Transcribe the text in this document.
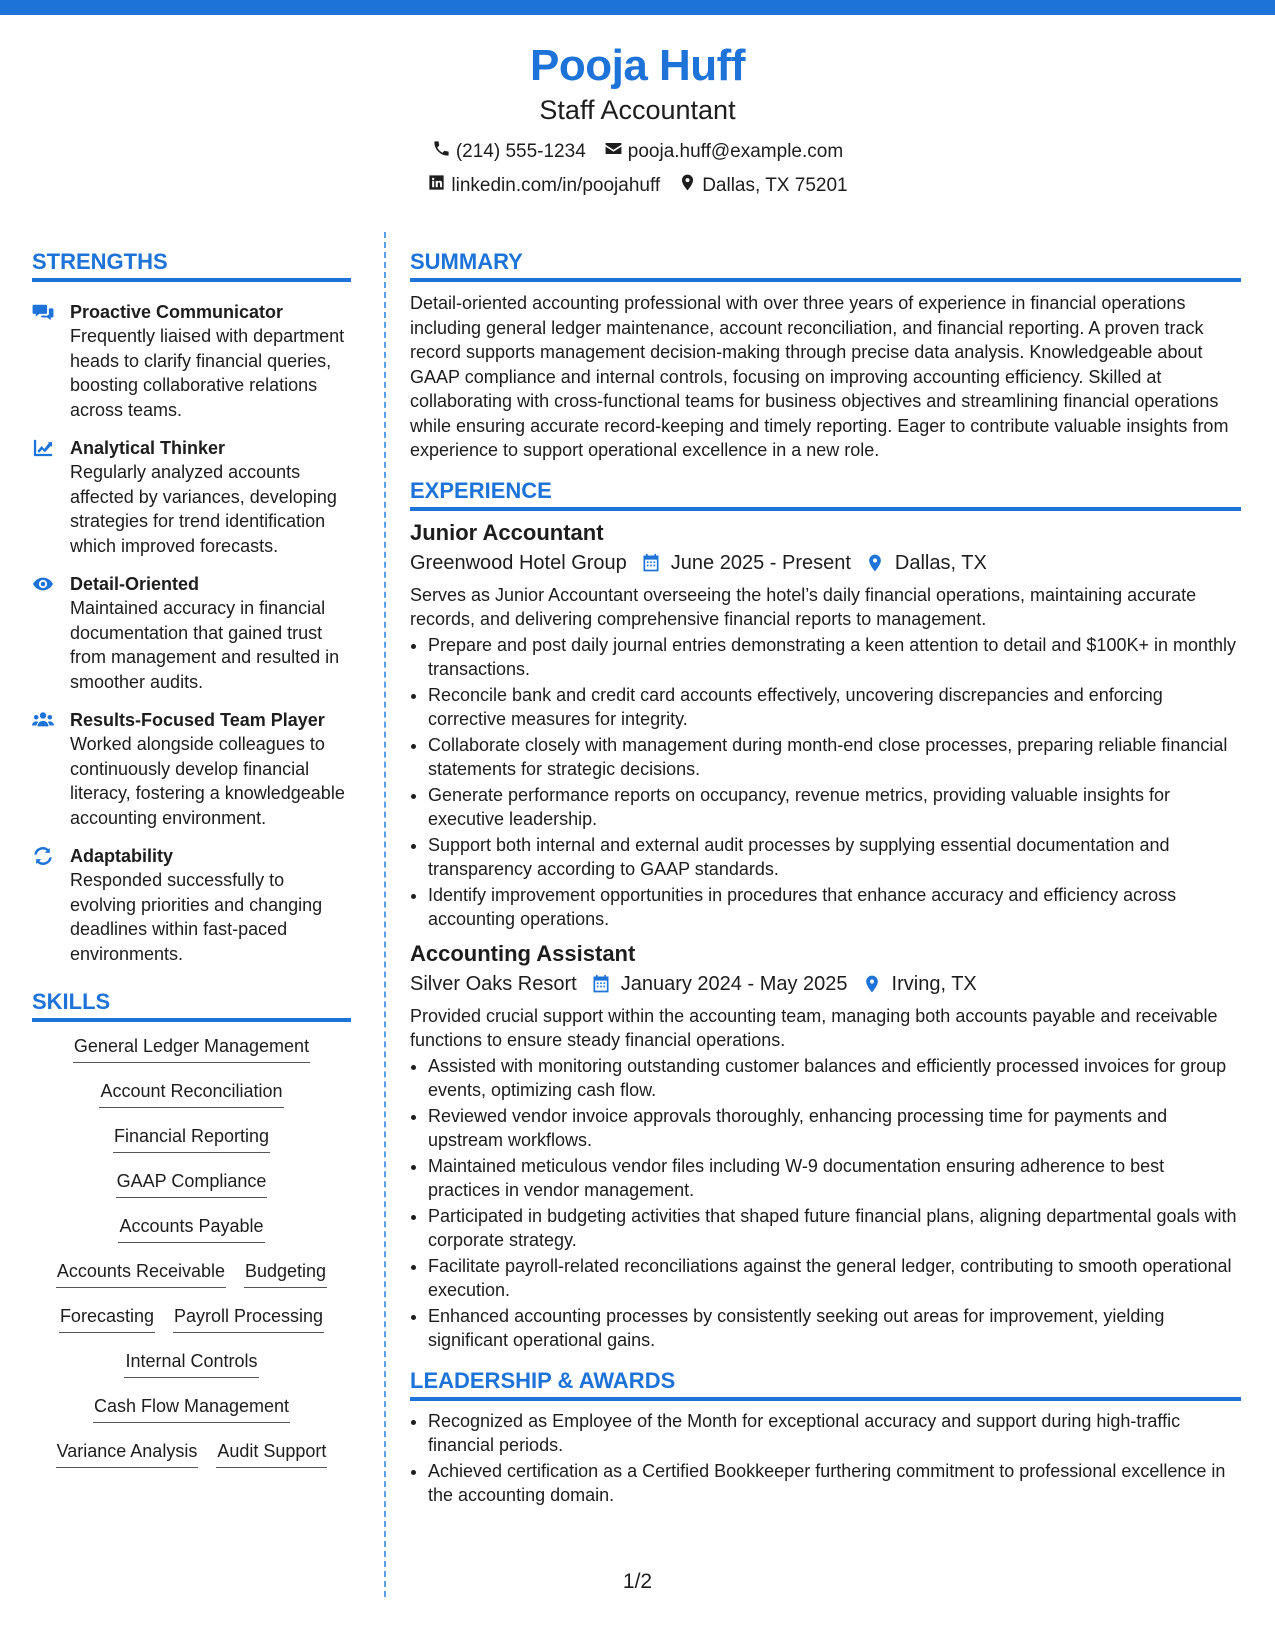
Pooja Huff
Staff Accountant
(214) 555-1234 pooja.huff@example.com
linkedin.com/in/poojahuff Dallas, TX 75201
STRENGTHS
Proactive Communicator
Frequently liaised with department heads to clarify financial queries, boosting collaborative relations across teams.
Analytical Thinker
Regularly analyzed accounts affected by variances, developing strategies for trend identification which improved forecasts.
Detail-Oriented
Maintained accuracy in financial documentation that gained trust from management and resulted in smoother audits.
Results-Focused Team Player
Worked alongside colleagues to continuously develop financial literacy, fostering a knowledgeable accounting environment.
Adaptability
Responded successfully to evolving priorities and changing deadlines within fast-paced environments.
SKILLS
General Ledger Management
Account Reconciliation
Financial Reporting
GAAP Compliance
Accounts Payable
Accounts Receivable Budgeting
Forecasting Payroll Processing
Internal Controls
Cash Flow Management
Variance Analysis Audit Support
SUMMARY
Detail-oriented accounting professional with over three years of experience in financial operations including general ledger maintenance, account reconciliation, and financial reporting. A proven track record supports management decision-making through precise data analysis. Knowledgeable about GAAP compliance and internal controls, focusing on improving accounting efficiency. Skilled at collaborating with cross-functional teams for business objectives and streamlining financial operations while ensuring accurate record-keeping and timely reporting. Eager to contribute valuable insights from experience to support operational excellence in a new role.
EXPERIENCE
Junior Accountant
Greenwood Hotel Group June 2025 - Present Dallas, TX
Serves as Junior Accountant overseeing the hotel’s daily financial operations, maintaining accurate records, and delivering comprehensive financial reports to management.
• Prepare and post daily journal entries demonstrating a keen attention to detail and $100K+ in monthly transactions.
• Reconcile bank and credit card accounts effectively, uncovering discrepancies and enforcing corrective measures for integrity.
• Collaborate closely with management during month-end close processes, preparing reliable financial statements for strategic decisions.
• Generate performance reports on occupancy, revenue metrics, providing valuable insights for executive leadership.
• Support both internal and external audit processes by supplying essential documentation and transparency according to GAAP standards.
• Identify improvement opportunities in procedures that enhance accuracy and efficiency across accounting operations.
Accounting Assistant
Silver Oaks Resort January 2024 - May 2025 Irving, TX
Provided crucial support within the accounting team, managing both accounts payable and receivable functions to ensure steady financial operations.
• Assisted with monitoring outstanding customer balances and efficiently processed invoices for group events, optimizing cash flow.
• Reviewed vendor invoice approvals thoroughly, enhancing processing time for payments and upstream workflows.
• Maintained meticulous vendor files including W-9 documentation ensuring adherence to best practices in vendor management.
• Participated in budgeting activities that shaped future financial plans, aligning departmental goals with corporate strategy.
• Facilitate payroll-related reconciliations against the general ledger, contributing to smooth operational execution.
• Enhanced accounting processes by consistently seeking out areas for improvement, yielding significant operational gains.
LEADERSHIP & AWARDS
• Recognized as Employee of the Month for exceptional accuracy and support during high-traffic financial periods.
• Achieved certification as a Certified Bookkeeper furthering commitment to professional excellence in the accounting domain.
1/2
